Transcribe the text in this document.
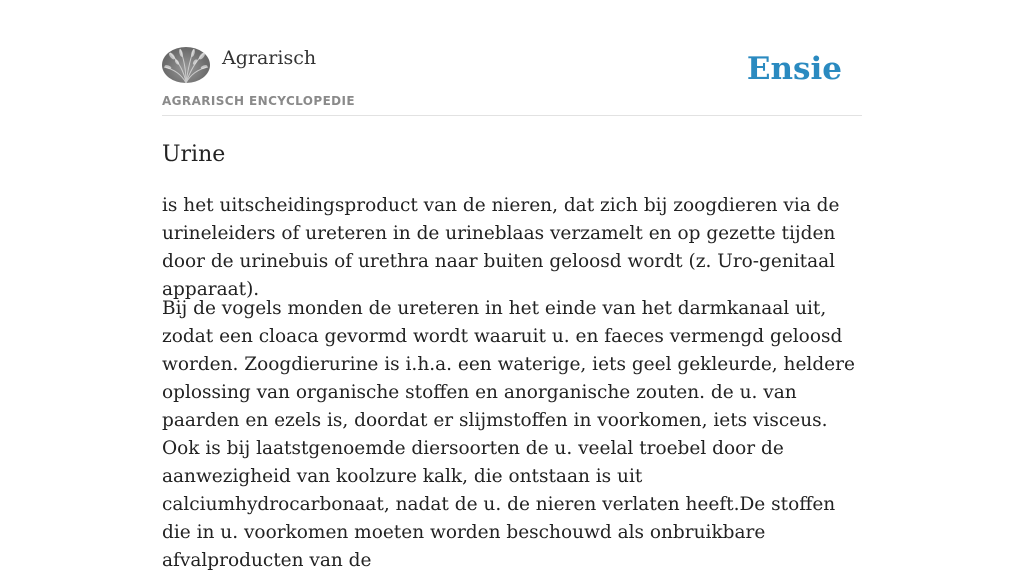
Agrarisch
AGRARISCH ENCYCLOPEDIE
Ensie
Urine

is het uitscheidingsproduct van de nieren, dat zich bij zoogdieren via de urineleiders of ureteren in de urineblaas verzamelt en op gezette tijden door de urinebuis of urethra naar buiten geloosd wordt (z. Uro-genitaal apparaat).

Bij de vogels monden de ureteren in het einde van het darmkanaal uit, zodat een cloaca gevormd wordt waaruit u. en faeces vermengd geloosd worden. Zoogdierurine is i.h.a. een waterige, iets geel gekleurde, heldere oplossing van organische stoffen en anorganische zouten. de u. van paarden en ezels is, doordat er slijmstoffen in voorkomen, iets visceus. Ook is bij laatstgenoemde diersoorten de u. veelal troebel door de aanwezigheid van koolzure kalk, die ontstaan is uit calciumhydrocarbonaat, nadat de u. de nieren verlaten heeft.De stoffen die in u. voorkomen moeten worden beschouwd als onbruikbare afvalproducten van de
